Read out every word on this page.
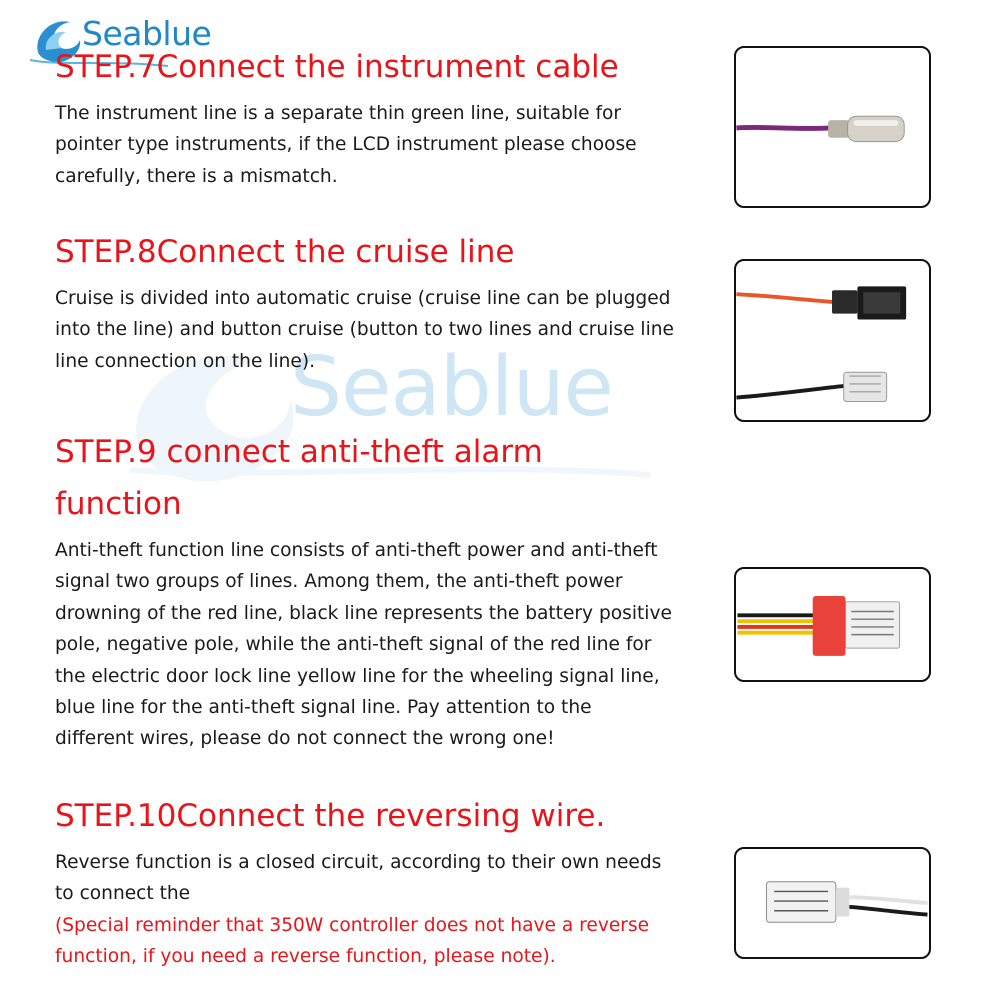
Seablue
Seablue
STEP.7Connect the instrument cable

The instrument line is a separate thin green line, suitable for
pointer type instruments, if the LCD instrument please choose
carefully, there is a mismatch.

STEP.8Connect the cruise line

Cruise is divided into automatic cruise (cruise line can be plugged
into the line) and button cruise (button to two lines and cruise line
line connection on the line).

STEP.9 connect anti-theft alarm
function

Anti-theft function line consists of anti-theft power and anti-theft
signal two groups of lines. Among them, the anti-theft power
drowning of the red line, black line represents the battery positive
pole, negative pole, while the anti-theft signal of the red line for
the electric door lock line yellow line for the wheeling signal line,
blue line for the anti-theft signal line. Pay attention to the
different wires, please do not connect the wrong one!

STEP.10Connect the reversing wire.

Reverse function is a closed circuit, according to their own needs
to connect the
(Special reminder that 350W controller does not have a reverse
function, if you need a reverse function, please note).
